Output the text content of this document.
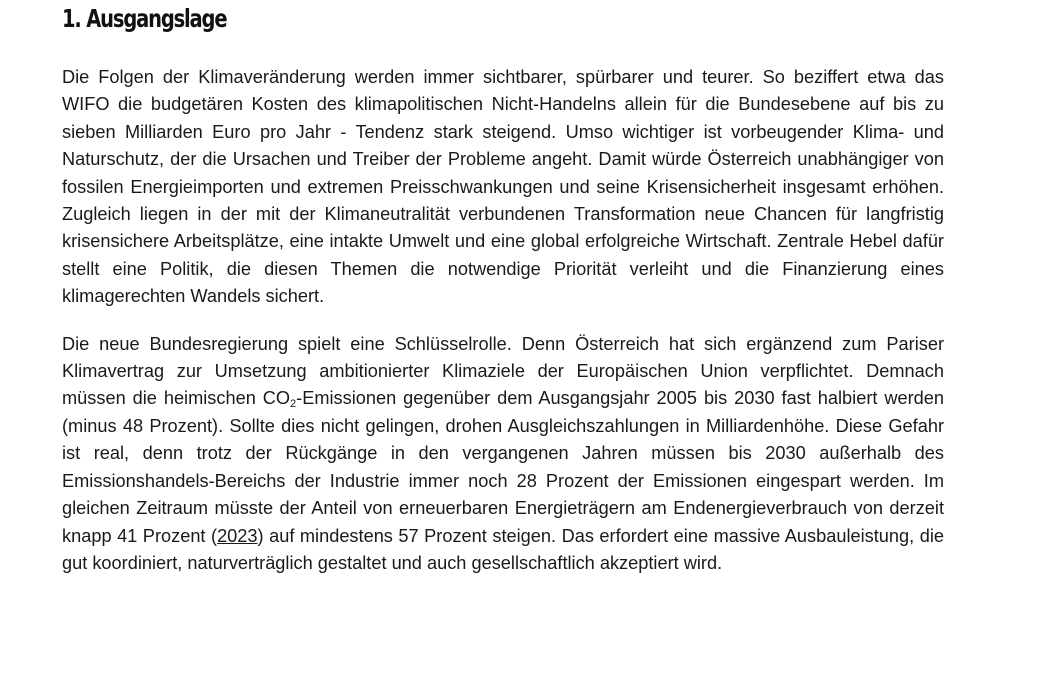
1. Ausgangslage

Die Folgen der Klimaveränderung werden immer sichtbarer, spürbarer und teurer. So beziffert etwa das WIFO die budgetären Kosten des klimapolitischen Nicht-Handelns allein für die Bundesebene auf bis zu sieben Milliarden Euro pro Jahr - Tendenz stark steigend. Umso wichtiger ist vorbeugender Klima- und Naturschutz, der die Ursachen und Treiber der Probleme angeht. Damit würde Österreich unabhängiger von fossilen Energieimporten und extremen Preisschwankungen und seine Krisensicherheit insgesamt erhöhen. Zugleich liegen in der mit der Klimaneutralität verbundenen Transformation neue Chancen für langfristig krisensichere Arbeitsplätze, eine intakte Umwelt und eine global erfolgreiche Wirtschaft. Zentrale Hebel dafür stellt eine Politik, die diesen Themen die notwendige Priorität verleiht und die Finanzierung eines klimagerechten Wandels sichert.

Die neue Bundesregierung spielt eine Schlüsselrolle. Denn Österreich hat sich ergänzend zum Pariser Klimavertrag zur Umsetzung ambitionierter Klimaziele der Europäischen Union verpflichtet. Demnach müssen die heimischen $CO_2$-Emissionen gegenüber dem Ausgangsjahr 2005 bis 2030 fast halbiert werden (minus 48 Prozent). Sollte dies nicht gelingen, drohen Ausgleichszahlungen in Milliardenhöhe. Diese Gefahr ist real, denn trotz der Rückgänge in den vergangenen Jahren müssen bis 2030 außerhalb des Emissionshandels-Bereichs der Industrie immer noch 28 Prozent der Emissionen eingespart werden. Im gleichen Zeitraum müsste der Anteil von erneuerbaren Energieträgern am Endenergieverbrauch von derzeit knapp 41 Prozent (2023) auf mindestens 57 Prozent steigen. Das erfordert eine massive Ausbauleistung, die gut koordiniert, naturverträglich gestaltet und auch gesellschaftlich akzeptiert wird.
